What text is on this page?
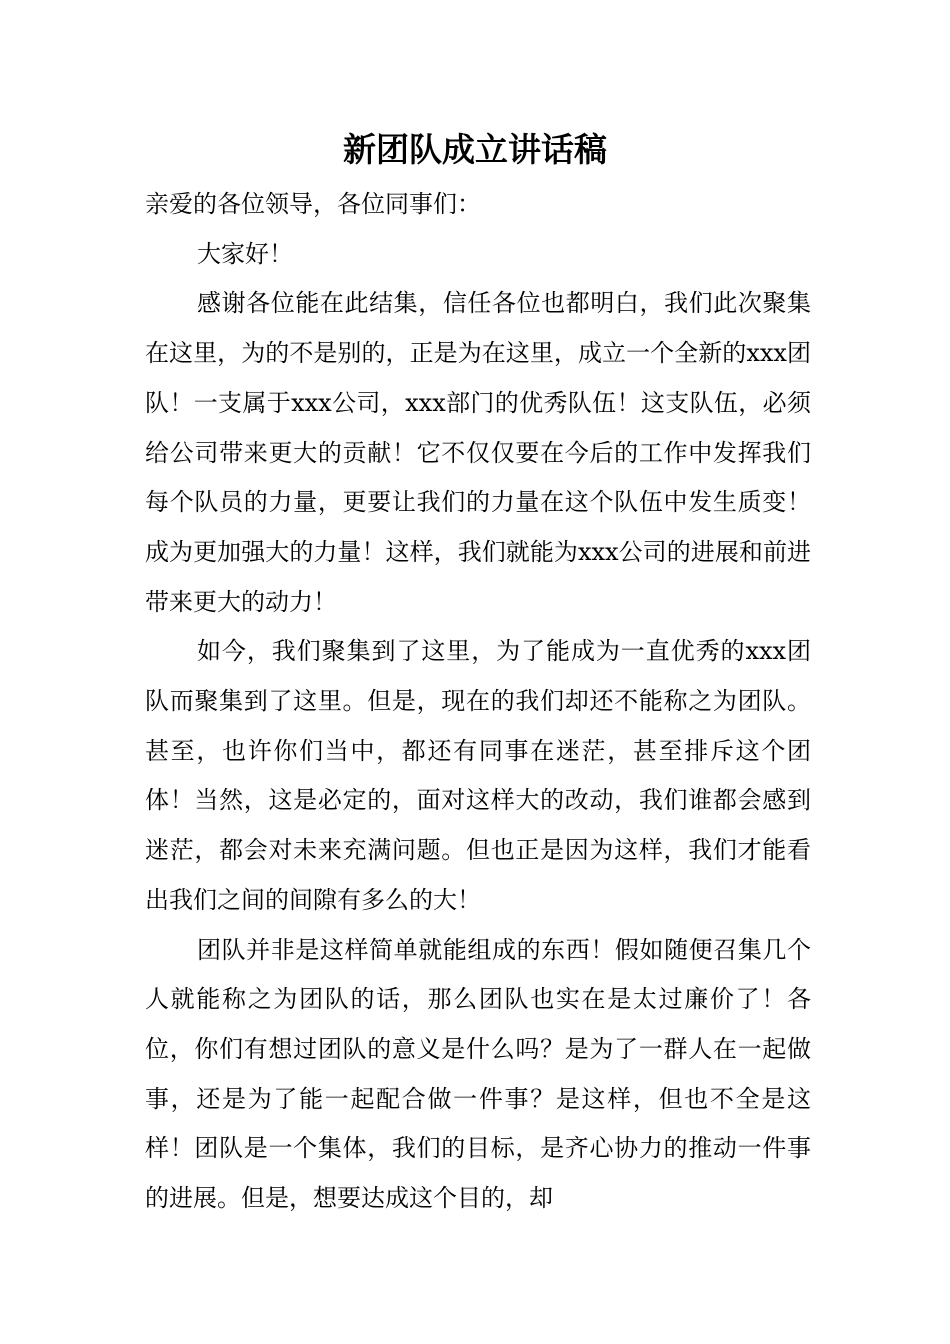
新团队成立讲话稿

亲爱的各位领导，各位同事们：

大家好！

感谢各位能在此结集，信任各位也都明白，我们此次聚集在这里，为的不是别的，正是为在这里，成立一个全新的xxx团队！一支属于xxx公司，xxx部门的优秀队伍！这支队伍，必须给公司带来更大的贡献！它不仅仅要在今后的工作中发挥我们每个队员的力量，更要让我们的力量在这个队伍中发生质变！成为更加强大的力量！这样，我们就能为xxx公司的进展和前进带来更大的动力！

如今，我们聚集到了这里，为了能成为一直优秀的xxx团队而聚集到了这里。但是，现在的我们却还不能称之为团队。甚至，也许你们当中，都还有同事在迷茫，甚至排斥这个团体！当然，这是必定的，面对这样大的改动，我们谁都会感到迷茫，都会对未来充满问题。但也正是因为这样，我们才能看出我们之间的间隙有多么的大！

团队并非是这样简单就能组成的东西！假如随便召集几个人就能称之为团队的话，那么团队也实在是太过廉价了！各位，你们有想过团队的意义是什么吗？是为了一群人在一起做事，还是为了能一起配合做一件事？是这样，但也不全是这样！团队是一个集体，我们的目标，是齐心协力的推动一件事的进展。但是，想要达成这个目的，却
